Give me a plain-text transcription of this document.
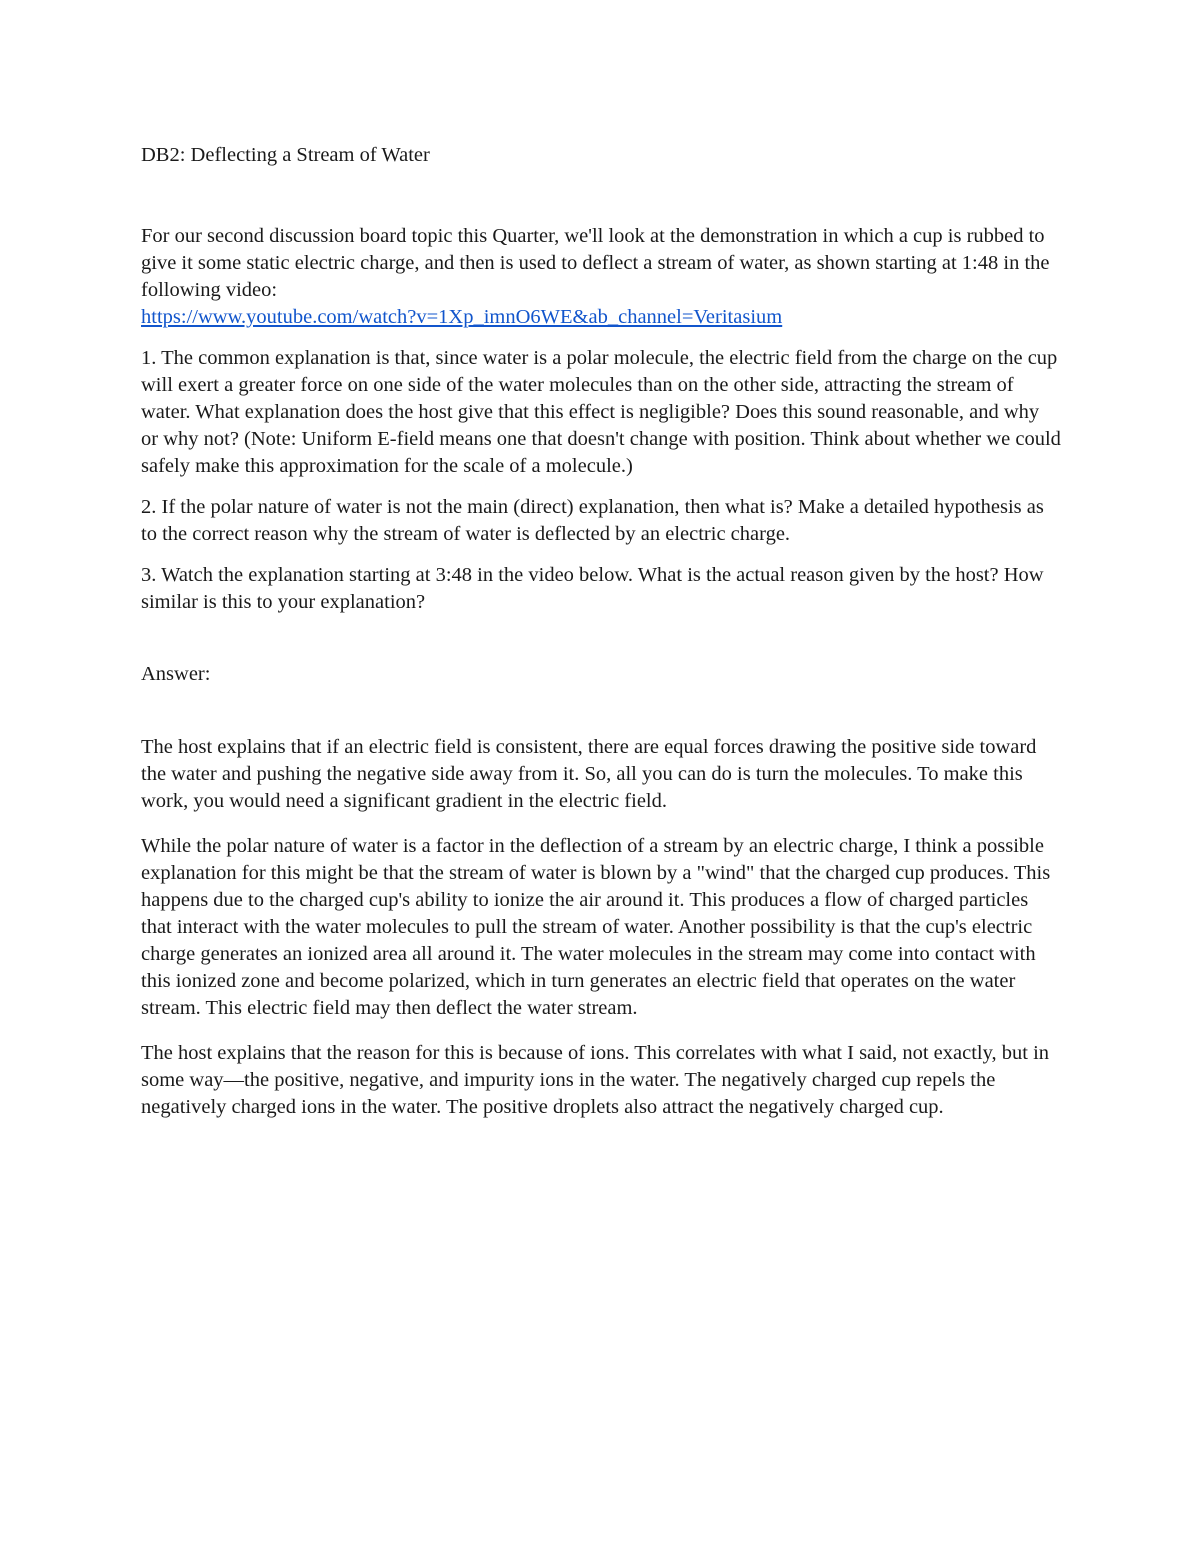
DB2: Deflecting a Stream of Water

For our second discussion board topic this Quarter, we'll look at the demonstration in which a cup is rubbed to give it some static electric charge, and then is used to deflect a stream of water, as shown starting at 1:48 in the following video:
https://www.youtube.com/watch?v=1Xp_imnO6WE&ab_channel=Veritasium

1. The common explanation is that, since water is a polar molecule, the electric field from the charge on the cup will exert a greater force on one side of the water molecules than on the other side, attracting the stream of water. What explanation does the host give that this effect is negligible? Does this sound reasonable, and why or why not? (Note: Uniform E-field means one that doesn't change with position. Think about whether we could safely make this approximation for the scale of a molecule.)

2. If the polar nature of water is not the main (direct) explanation, then what is? Make a detailed hypothesis as to the correct reason why the stream of water is deflected by an electric charge.

3. Watch the explanation starting at 3:48 in the video below. What is the actual reason given by the host? How similar is this to your explanation?

Answer:

The host explains that if an electric field is consistent, there are equal forces drawing the positive side toward the water and pushing the negative side away from it. So, all you can do is turn the molecules. To make this work, you would need a significant gradient in the electric field.

While the polar nature of water is a factor in the deflection of a stream by an electric charge, I think a possible explanation for this might be that the stream of water is blown by a "wind" that the charged cup produces. This happens due to the charged cup's ability to ionize the air around it. This produces a flow of charged particles that interact with the water molecules to pull the stream of water. Another possibility is that the cup's electric charge generates an ionized area all around it. The water molecules in the stream may come into contact with this ionized zone and become polarized, which in turn generates an electric field that operates on the water stream. This electric field may then deflect the water stream.

The host explains that the reason for this is because of ions. This correlates with what I said, not exactly, but in some way—the positive, negative, and impurity ions in the water. The negatively charged cup repels the negatively charged ions in the water. The positive droplets also attract the negatively charged cup.
